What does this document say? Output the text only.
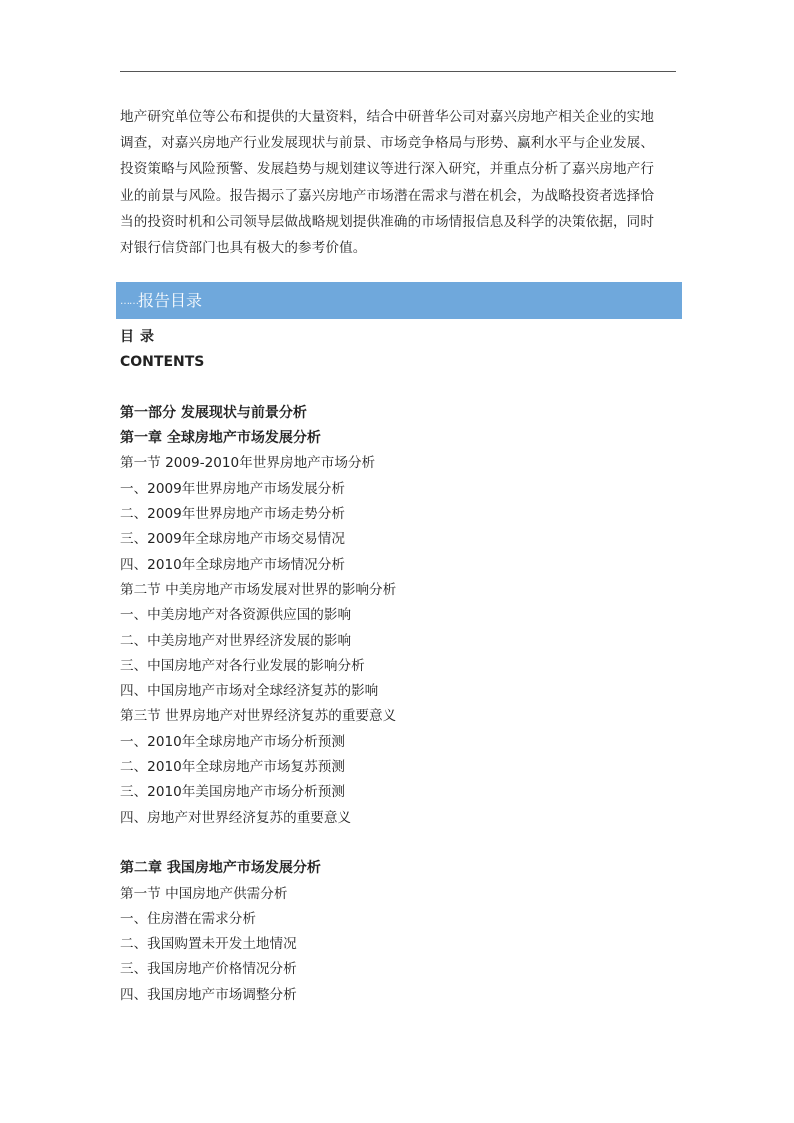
地产研究单位等公布和提供的大量资料，结合中研普华公司对嘉兴房地产相关企业的实地
调查，对嘉兴房地产行业发展现状与前景、市场竞争格局与形势、赢利水平与企业发展、
投资策略与风险预警、发展趋势与规划建议等进行深入研究，并重点分析了嘉兴房地产行
业的前景与风险。报告揭示了嘉兴房地产市场潜在需求与潜在机会，为战略投资者选择恰
当的投资时机和公司领导层做战略规划提供准确的市场情报信息及科学的决策依据，同时
对银行信贷部门也具有极大的参考价值。

……报告目录
目录
CONTENTS
第一部分 发展现状与前景分析
第一章 全球房地产市场发展分析
第一节 2009-2010年世界房地产市场分析
一、2009年世界房地产市场发展分析
二、2009年世界房地产市场走势分析
三、2009年全球房地产市场交易情况
四、2010年全球房地产市场情况分析
第二节 中美房地产市场发展对世界的影响分析
一、中美房地产对各资源供应国的影响
二、中美房地产对世界经济发展的影响
三、中国房地产对各行业发展的影响分析
四、中国房地产市场对全球经济复苏的影响
第三节 世界房地产对世界经济复苏的重要意义
一、2010年全球房地产市场分析预测
二、2010年全球房地产市场复苏预测
三、2010年美国房地产市场分析预测
四、房地产对世界经济复苏的重要意义
第二章 我国房地产市场发展分析
第一节 中国房地产供需分析
一、住房潜在需求分析
二、我国购置未开发土地情况
三、我国房地产价格情况分析
四、我国房地产市场调整分析
